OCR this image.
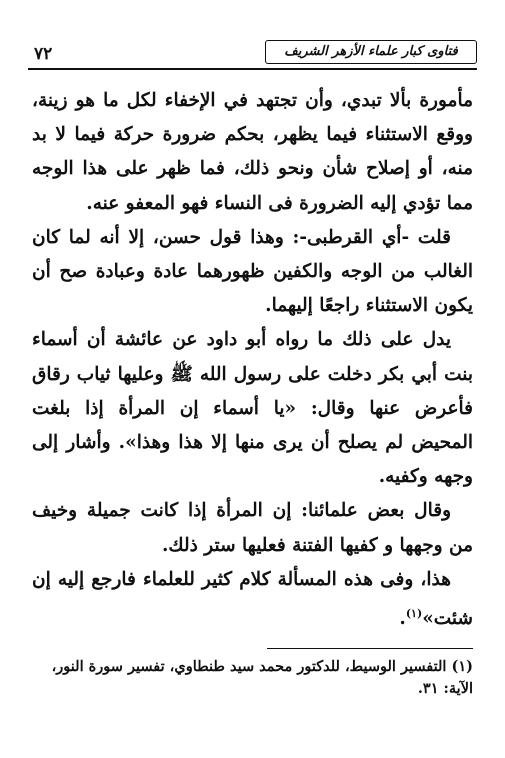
٧٢	فتاوى كبار علماء الأزهر الشريف

مأمورة بألا تبدي، وأن تجتهد في الإخفاء لكل ما هو زينة، ووقع الاستثناء فيما يظهر، بحكم ضرورة حركة فيما لا بد منه، أو إصلاح شأن ونحو ذلك، فما ظهر على هذا الوجه مما تؤدي إليه الضرورة فى النساء فهو المعفو عنه.

قلت -أي القرطبى-: وهذا قول حسن، إلا أنه لما كان الغالب من الوجه والكفين ظهورهما عادة وعبادة صح أن يكون الاستثناء راجعًا إليهما.

يدل على ذلك ما رواه أبو داود عن عائشة أن أسماء بنت أبي بكر دخلت على رسول الله ﷺ وعليها ثياب رقاق فأعرض عنها وقال: «يا أسماء إن المرأة إذا بلغت المحيض لم يصلح أن يرى منها إلا هذا وهذا». وأشار إلى وجهه وكفيه.

وقال بعض علمائنا: إن المرأة إذا كانت جميلة وخيف من وجهها و كفيها الفتنة فعليها ستر ذلك.

هذا، وفى هذه المسألة كلام كثير للعلماء فارجع إليه إن شئت»$^{(١)}$.

(١) التفسير الوسيط، للدكتور محمد سيد طنطاوي، تفسير سورة النور، الآية: ٣١.
